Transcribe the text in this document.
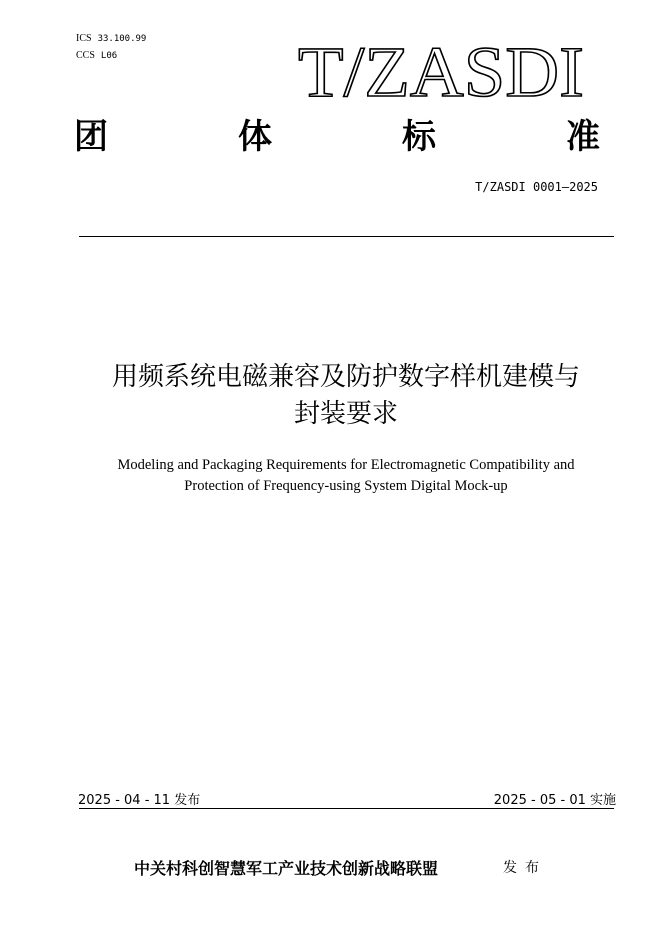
ICS 33.100.99
CCS L06	T/ZASDI
团	体	标	准
T/ZASDI 0001—2025
用频系统电磁兼容及防护数字样机建模与
封装要求
Modeling and Packaging Requirements for Electromagnetic Compatibility and
Protection of Frequency-using System Digital Mock-up
2025 - 04 - 11 发布	2025 - 05 - 01 实施
中关村科创智慧军工产业技术创新战略联盟	发布
